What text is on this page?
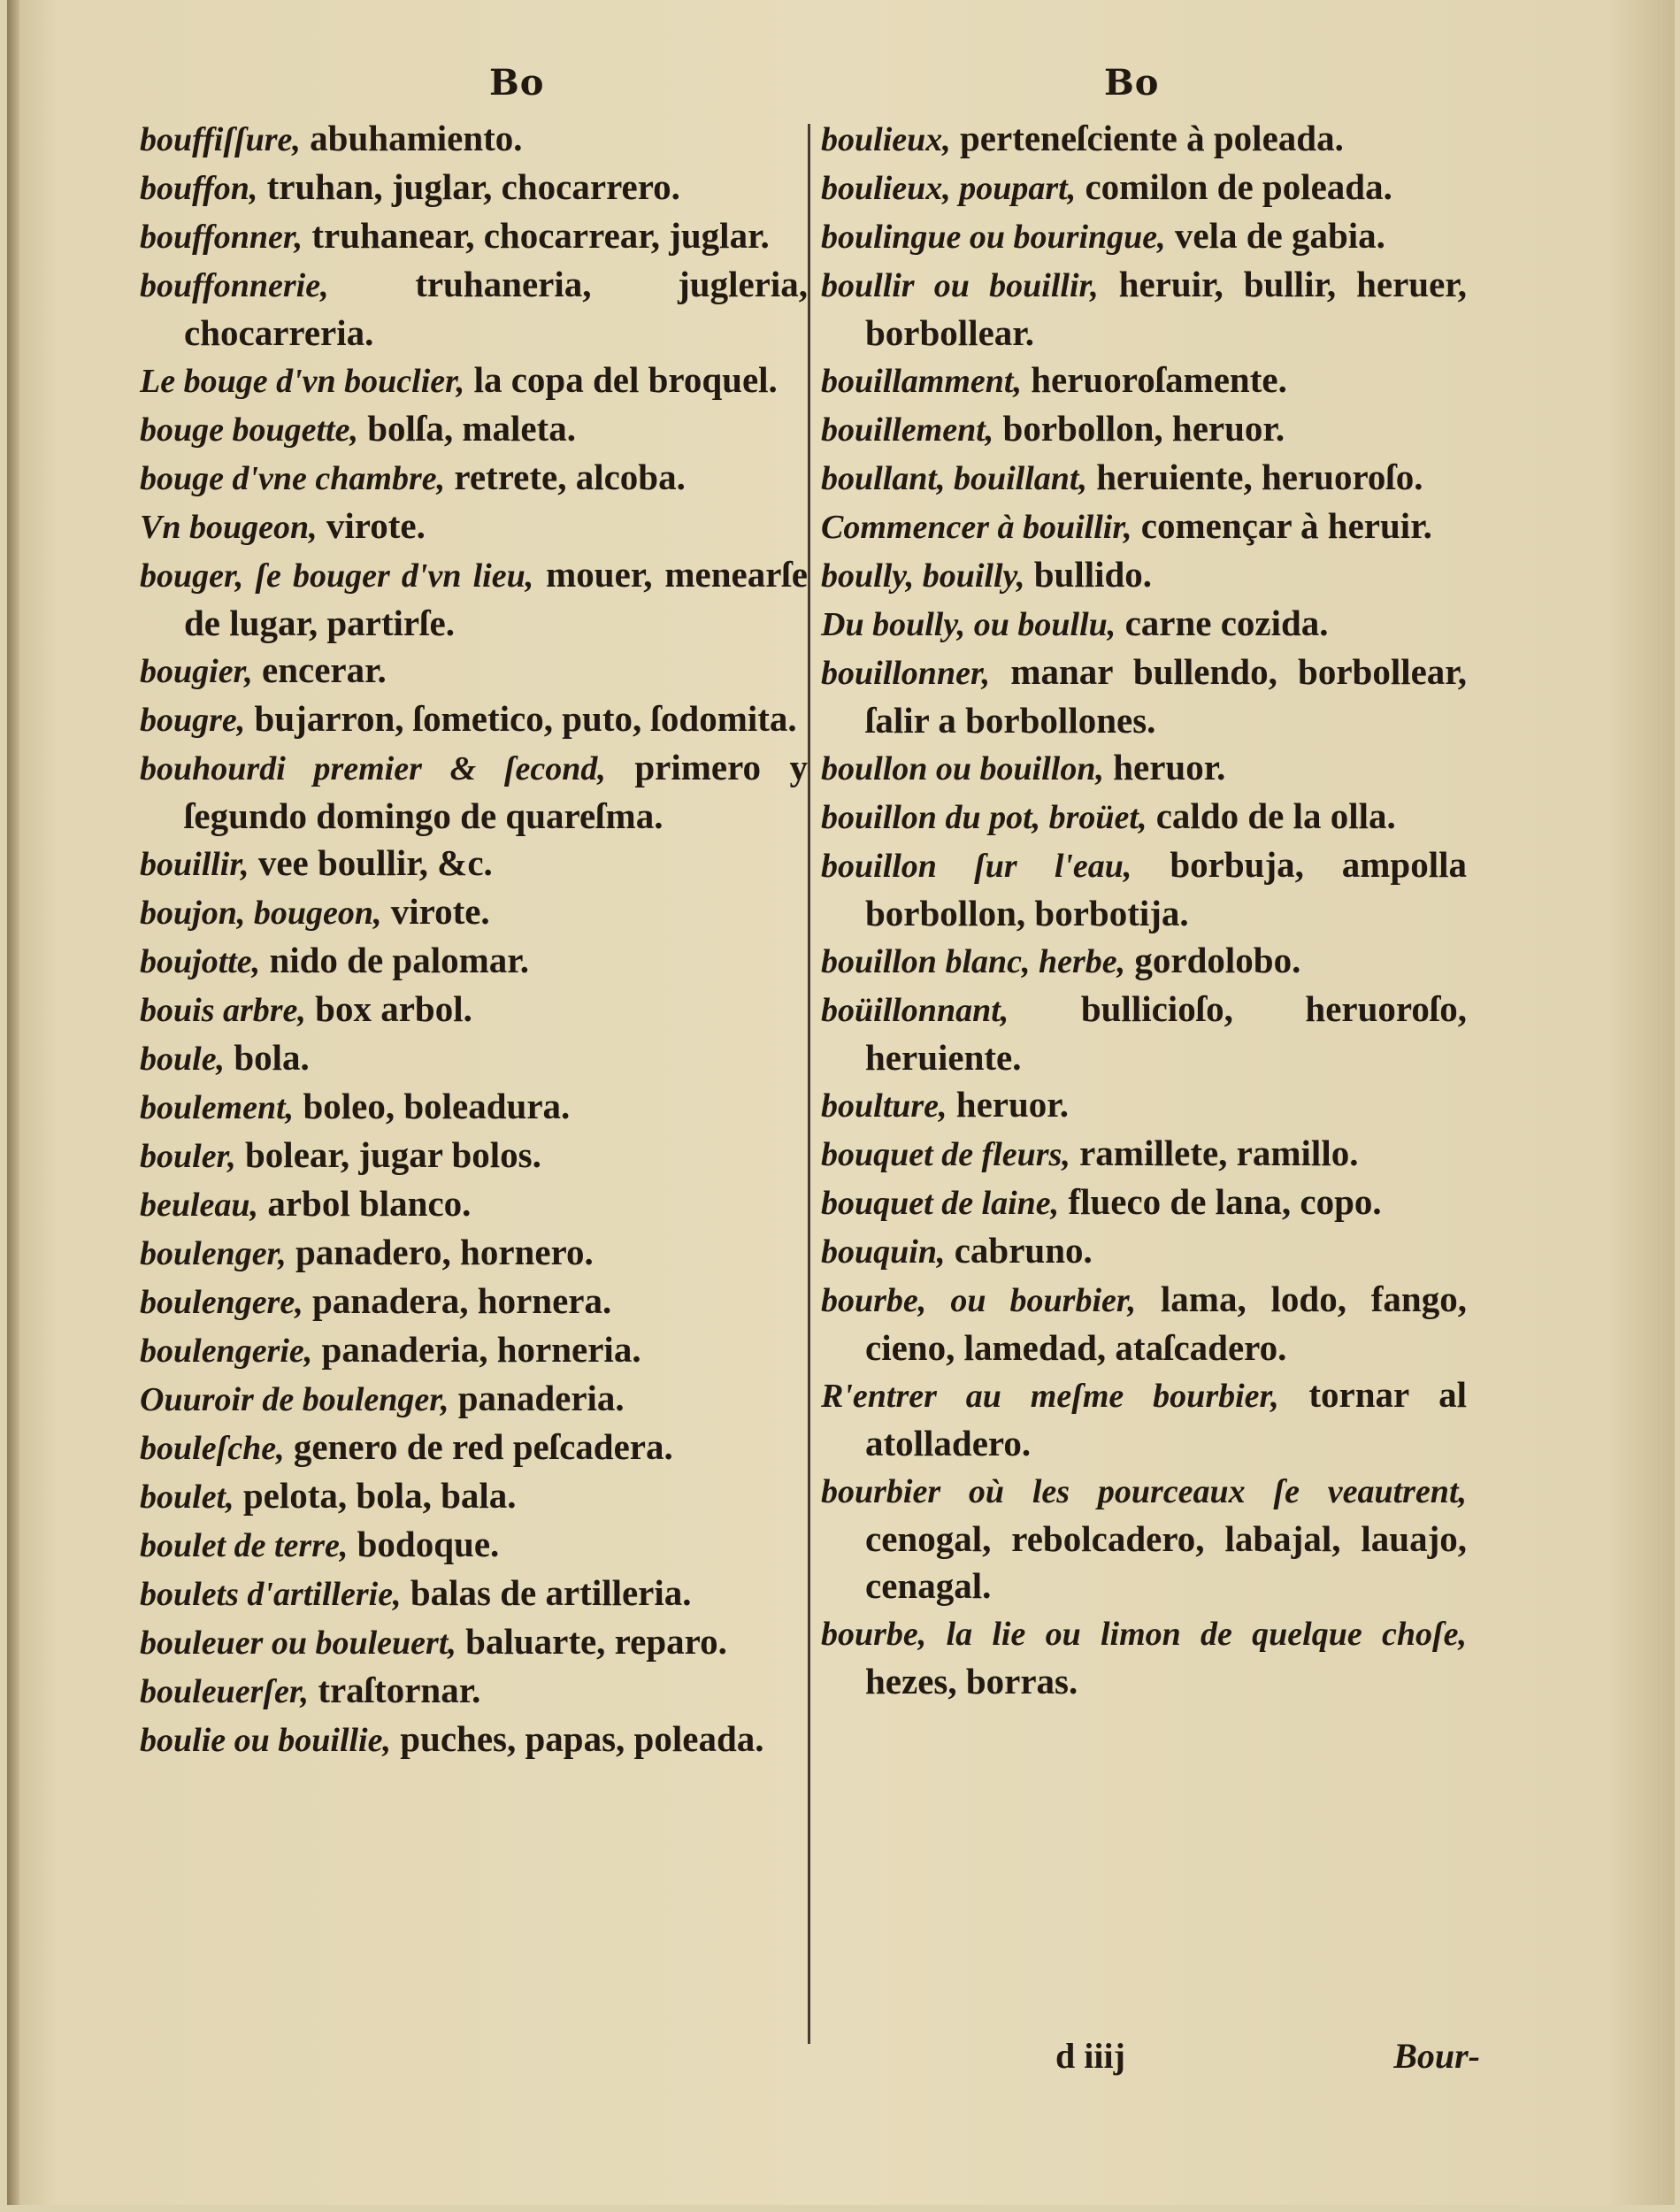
Bo	Bo

bouffiſſure, abuhamiento.

bouffon, truhan, juglar, chocarrero.

bouffonner, truhanear, chocarrear, juglar.

bouffonnerie, truhaneria, jugleria, chocarreria.

Le bouge d'vn bouclier, la copa del broquel.

bouge bougette, bolſa, maleta.

bouge d'vne chambre, retrete, alcoba.

Vn bougeon, virote.

bouger, ſe bouger d'vn lieu, mouer, menearſe de lugar, partirſe.

bougier, encerar.

bougre, bujarron, ſometico, puto, ſodomita.

bouhourdi premier & ſecond, primero y ſegundo domingo de quareſma.

bouillir, vee boullir, &c.

boujon, bougeon, virote.

boujotte, nido de palomar.

bouis arbre, box arbol.

boule, bola.

boulement, boleo, boleadura.

bouler, bolear, jugar bolos.

beuleau, arbol blanco.

boulenger, panadero, hornero.

boulengere, panadera, hornera.

boulengerie, panaderia, horneria.

Ouuroir de boulenger, panaderia.

bouleſche, genero de red peſcadera.

boulet, pelota, bola, bala.

boulet de terre, bodoque.

boulets d'artillerie, balas de artilleria.

bouleuer ou bouleuert, baluarte, reparo.

bouleuerſer, traſtornar.

boulie ou bouillie, puches, papas, poleada.

boulieux, perteneſciente à poleada.

boulieux, poupart, comilon de poleada.

boulingue ou bouringue, vela de gabia.

boullir ou bouillir, heruir, bullir, heruer, borbollear.

bouillamment, heruoroſamente.

bouillement, borbollon, heruor.

boullant, bouillant, heruiente, heruoroſo.

Commencer à bouillir, començar à heruir.

boully, bouilly, bullido.

Du boully, ou boullu, carne cozida.

bouillonner, manar bullendo, borbollear, ſalir a borbollones.

boullon ou bouillon, heruor.

bouillon du pot, broüet, caldo de la olla.

bouillon ſur l'eau, borbuja, ampolla borbollon, borbotija.

bouillon blanc, herbe, gordolobo.

boüillonnant, bullicioſo, heruoroſo, heruiente.

boulture, heruor.

bouquet de fleurs, ramillete, ramillo.

bouquet de laine, flueco de lana, copo.

bouquin, cabruno.

bourbe, ou bourbier, lama, lodo, fango, cieno, lamedad, ataſcadero.

R'entrer au meſme bourbier, tornar al atolladero.

bourbier où les pourceaux ſe veautrent, cenogal, rebolcadero, labajal, lauajo, cenagal.

bourbe, la lie ou limon de quelque choſe, hezes, borras.

d iiij	Bour-
